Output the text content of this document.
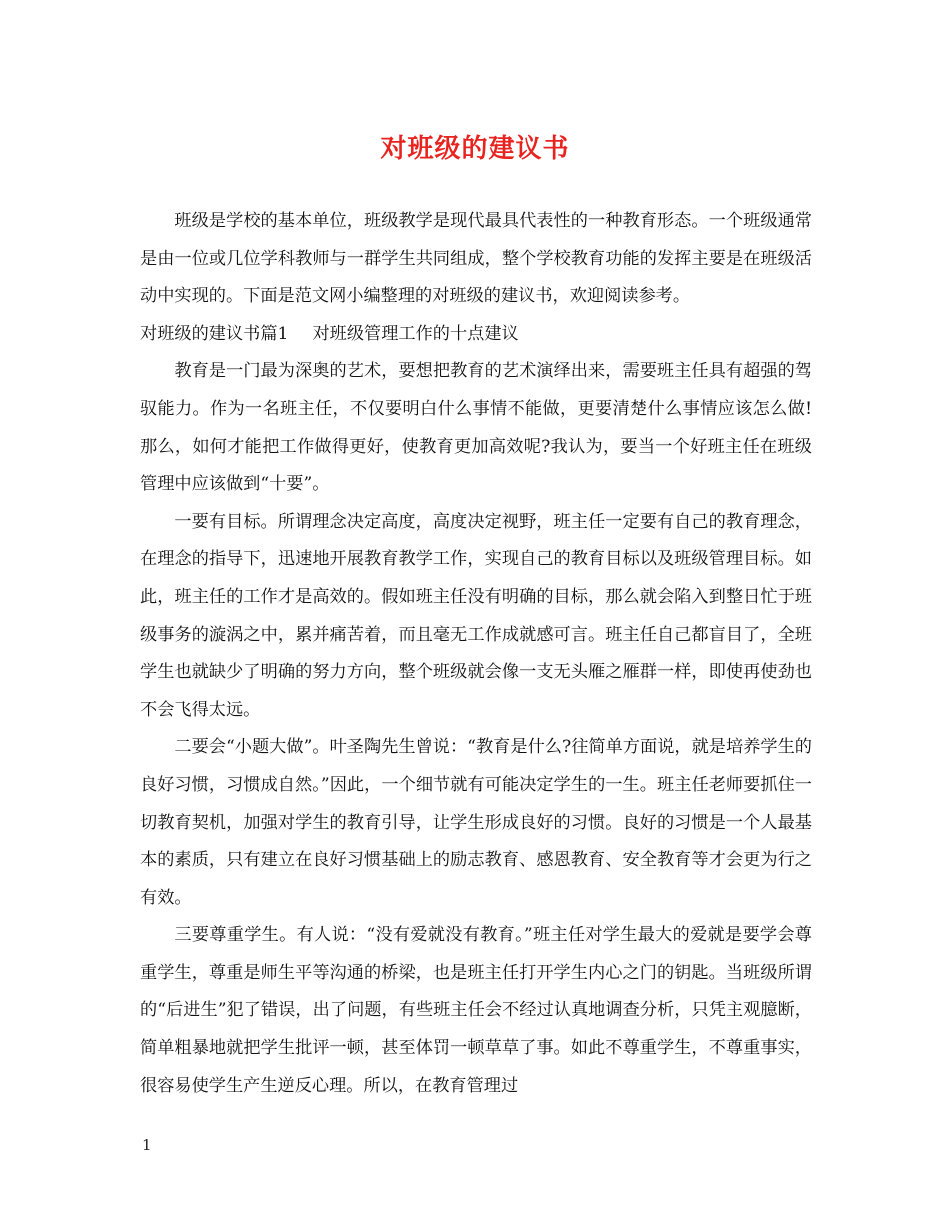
对班级的建议书

班级是学校的基本单位，班级教学是现代最具代表性的一种教育形态。一个班级通常是由一位或几位学科教师与一群学生共同组成，整个学校教育功能的发挥主要是在班级活动中实现的。下面是范文网小编整理的对班级的建议书，欢迎阅读参考。

对班级的建议书篇1 对班级管理工作的十点建议

教育是一门最为深奥的艺术，要想把教育的艺术演绎出来，需要班主任具有超强的驾驭能力。作为一名班主任，不仅要明白什么事情不能做，更要清楚什么事情应该怎么做!那么，如何才能把工作做得更好，使教育更加高效呢?我认为，要当一个好班主任在班级管理中应该做到“十要”。

一要有目标。所谓理念决定高度，高度决定视野，班主任一定要有自己的教育理念，在理念的指导下，迅速地开展教育教学工作，实现自己的教育目标以及班级管理目标。如此，班主任的工作才是高效的。假如班主任没有明确的目标，那么就会陷入到整日忙于班级事务的漩涡之中，累并痛苦着，而且毫无工作成就感可言。班主任自己都盲目了，全班学生也就缺少了明确的努力方向，整个班级就会像一支无头雁之雁群一样，即使再使劲也不会飞得太远。

二要会“小题大做”。叶圣陶先生曾说：“教育是什么?往简单方面说，就是培养学生的良好习惯，习惯成自然。”因此，一个细节就有可能决定学生的一生。班主任老师要抓住一切教育契机，加强对学生的教育引导，让学生形成良好的习惯。良好的习惯是一个人最基本的素质，只有建立在良好习惯基础上的励志教育、感恩教育、安全教育等才会更为行之有效。

三要尊重学生。有人说：“没有爱就没有教育。”班主任对学生最大的爱就是要学会尊重学生，尊重是师生平等沟通的桥梁，也是班主任打开学生内心之门的钥匙。当班级所谓的“后进生”犯了错误，出了问题，有些班主任会不经过认真地调查分析，只凭主观臆断，简单粗暴地就把学生批评一顿，甚至体罚一顿草草了事。如此不尊重学生，不尊重事实，很容易使学生产生逆反心理。所以，在教育管理过

1
